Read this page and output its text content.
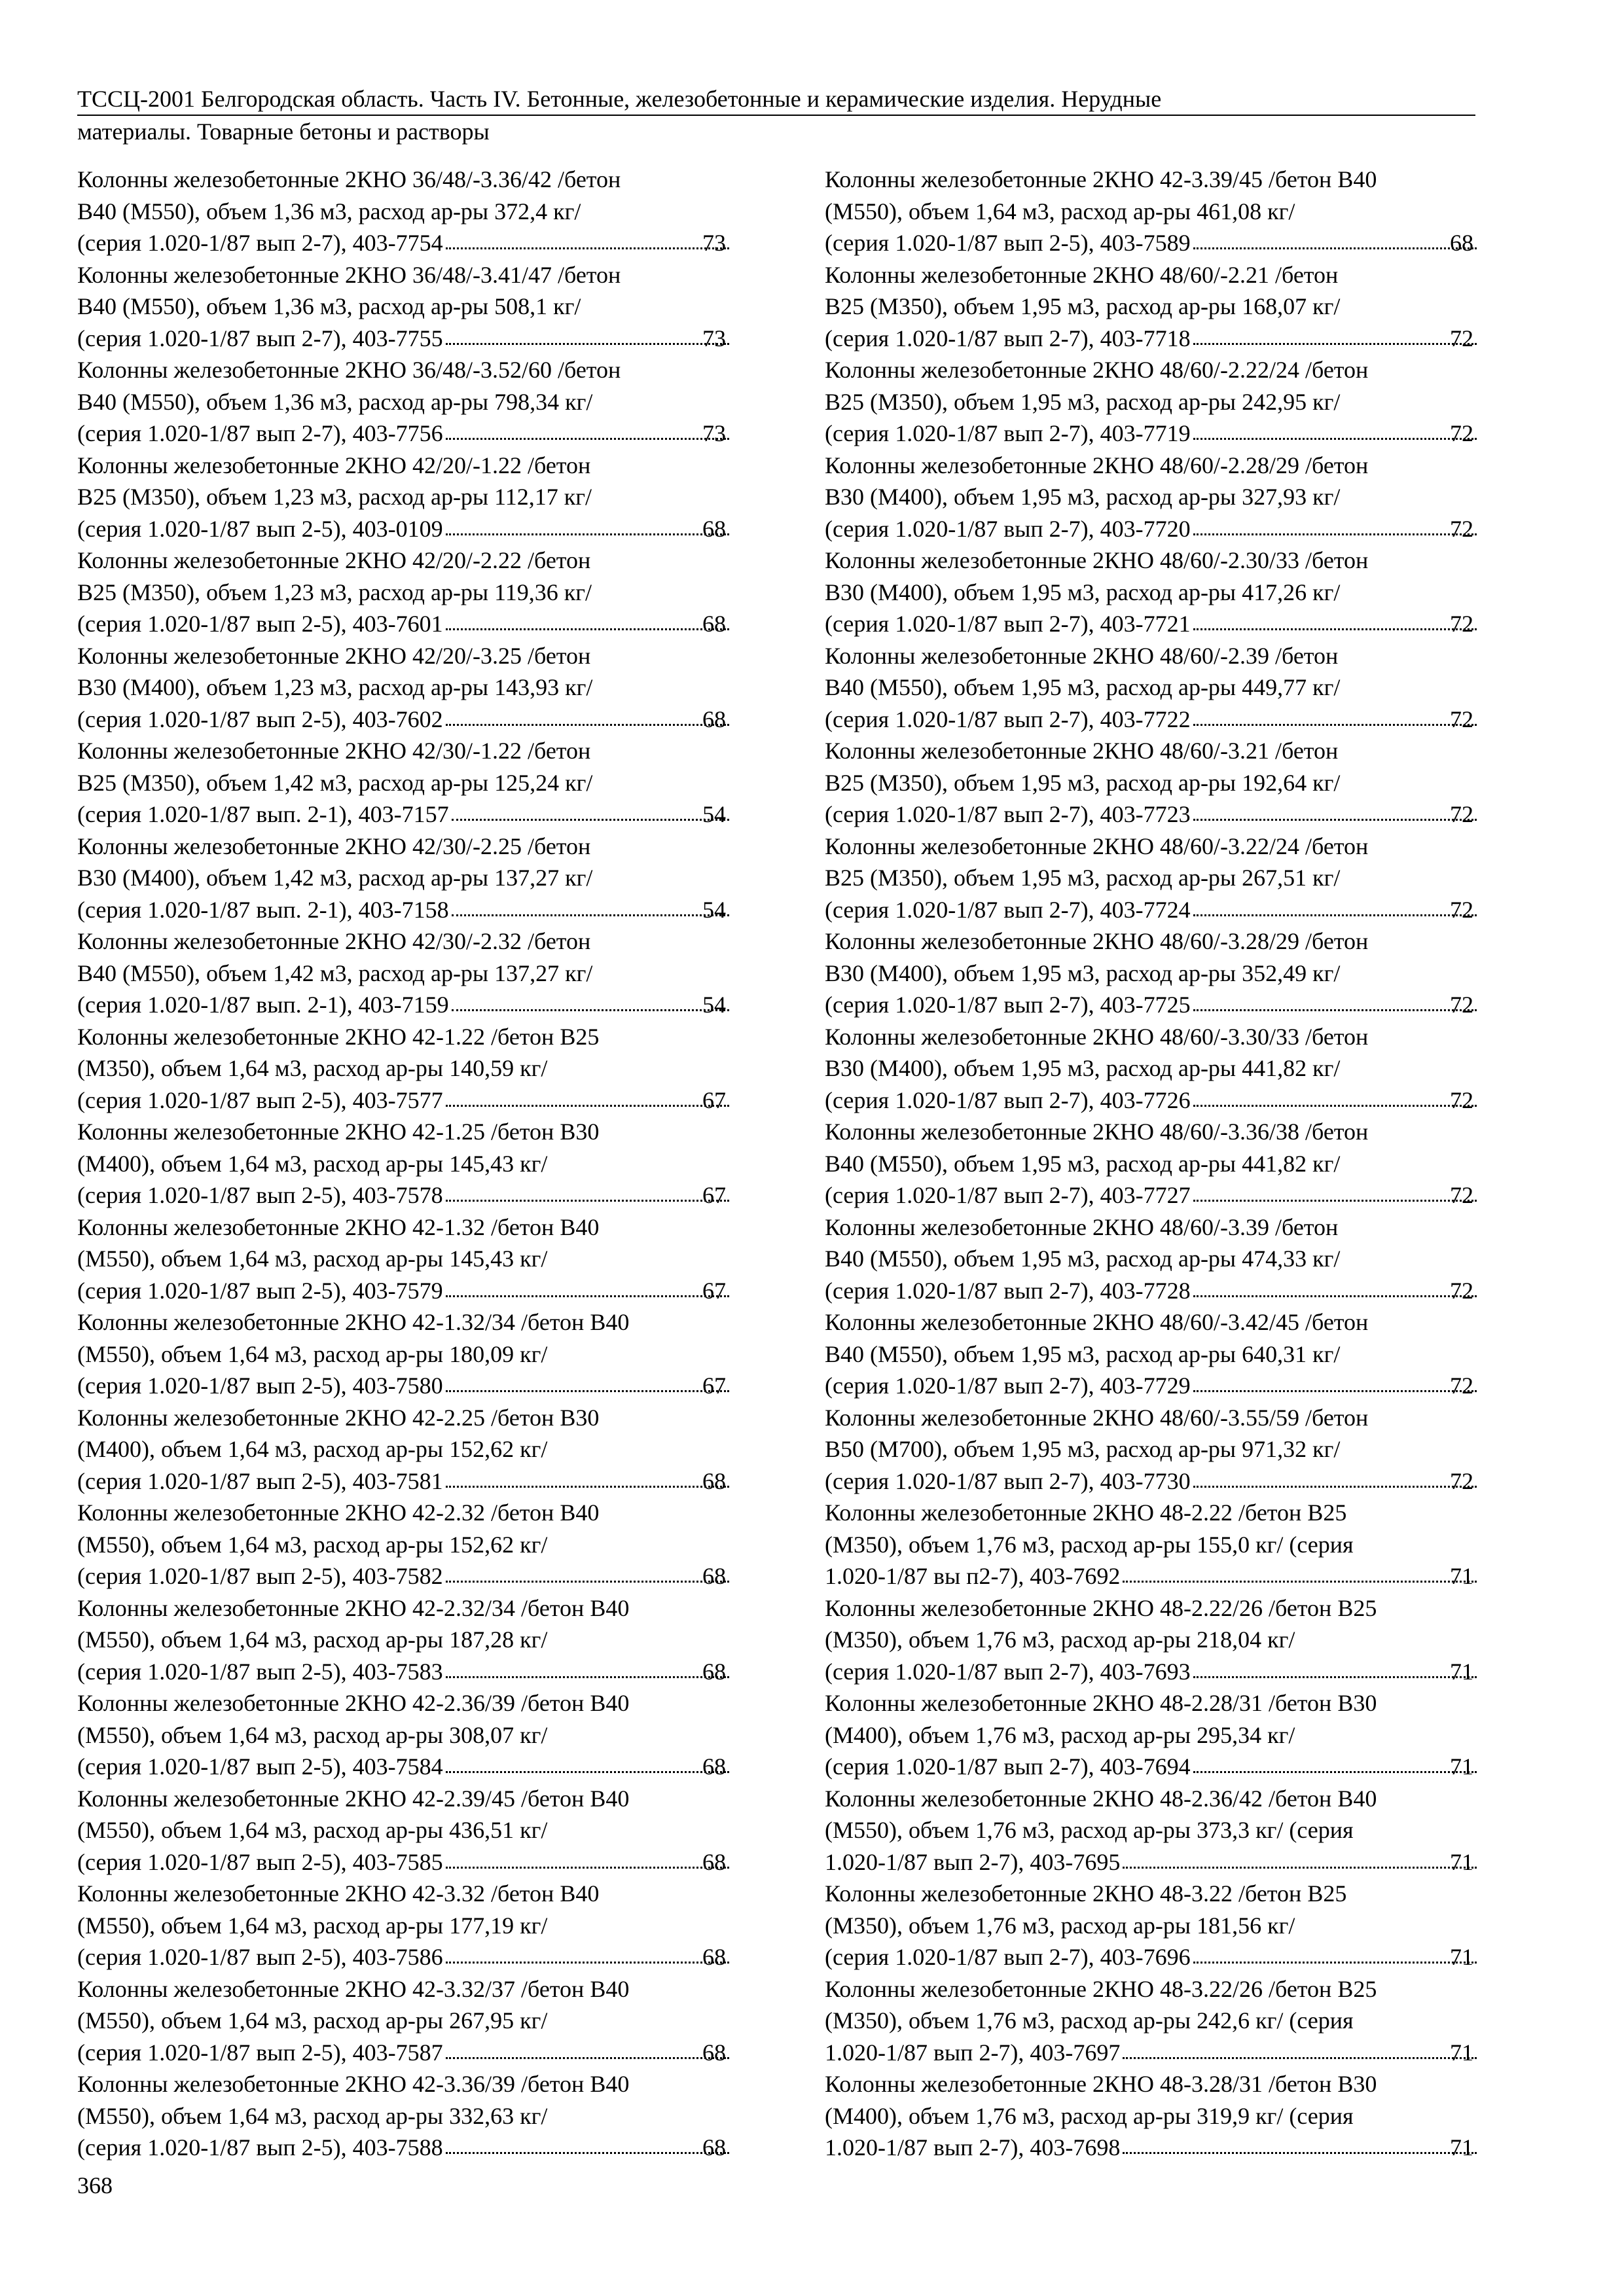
ТССЦ-2001 Белгородская область. Часть IV. Бетонные, железобетонные и керамические изделия. Нерудные
материалы. Товарные бетоны и растворы
Колонны железобетонные 2КНО 36/48/-3.36/42 /бетон
В40 (М550), объем 1,36 м3, расход ар-ры 372,4 кг/
(серия 1.020-1/87 вып 2-7), 403-7754	73
Колонны железобетонные 2КНО 36/48/-3.41/47 /бетон
В40 (М550), объем 1,36 м3, расход ар-ры 508,1 кг/
(серия 1.020-1/87 вып 2-7), 403-7755	73
Колонны железобетонные 2КНО 36/48/-3.52/60 /бетон
В40 (М550), объем 1,36 м3, расход ар-ры 798,34 кг/
(серия 1.020-1/87 вып 2-7), 403-7756	73
Колонны железобетонные 2КНО 42/20/-1.22 /бетон
В25 (М350), объем 1,23 м3, расход ар-ры 112,17 кг/
(серия 1.020-1/87 вып 2-5), 403-0109	68
Колонны железобетонные 2КНО 42/20/-2.22 /бетон
В25 (М350), объем 1,23 м3, расход ар-ры 119,36 кг/
(серия 1.020-1/87 вып 2-5), 403-7601	68
Колонны железобетонные 2КНО 42/20/-3.25 /бетон
В30 (М400), объем 1,23 м3, расход ар-ры 143,93 кг/
(серия 1.020-1/87 вып 2-5), 403-7602	68
Колонны железобетонные 2КНО 42/30/-1.22 /бетон
В25 (М350), объем 1,42 м3, расход ар-ры 125,24 кг/
(серия 1.020-1/87 вып. 2-1), 403-7157	54
Колонны железобетонные 2КНО 42/30/-2.25 /бетон
В30 (М400), объем 1,42 м3, расход ар-ры 137,27 кг/
(серия 1.020-1/87 вып. 2-1), 403-7158	54
Колонны железобетонные 2КНО 42/30/-2.32 /бетон
В40 (М550), объем 1,42 м3, расход ар-ры 137,27 кг/
(серия 1.020-1/87 вып. 2-1), 403-7159	54
Колонны железобетонные 2КНО 42-1.22 /бетон В25
(М350), объем 1,64 м3, расход ар-ры 140,59 кг/
(серия 1.020-1/87 вып 2-5), 403-7577	67
Колонны железобетонные 2КНО 42-1.25 /бетон В30
(М400), объем 1,64 м3, расход ар-ры 145,43 кг/
(серия 1.020-1/87 вып 2-5), 403-7578	67
Колонны железобетонные 2КНО 42-1.32 /бетон В40
(М550), объем 1,64 м3, расход ар-ры 145,43 кг/
(серия 1.020-1/87 вып 2-5), 403-7579	67
Колонны железобетонные 2КНО 42-1.32/34 /бетон В40
(М550), объем 1,64 м3, расход ар-ры 180,09 кг/
(серия 1.020-1/87 вып 2-5), 403-7580	67
Колонны железобетонные 2КНО 42-2.25 /бетон В30
(М400), объем 1,64 м3, расход ар-ры 152,62 кг/
(серия 1.020-1/87 вып 2-5), 403-7581	68
Колонны железобетонные 2КНО 42-2.32 /бетон В40
(М550), объем 1,64 м3, расход ар-ры 152,62 кг/
(серия 1.020-1/87 вып 2-5), 403-7582	68
Колонны железобетонные 2КНО 42-2.32/34 /бетон В40
(М550), объем 1,64 м3, расход ар-ры 187,28 кг/
(серия 1.020-1/87 вып 2-5), 403-7583	68
Колонны железобетонные 2КНО 42-2.36/39 /бетон В40
(М550), объем 1,64 м3, расход ар-ры 308,07 кг/
(серия 1.020-1/87 вып 2-5), 403-7584	68
Колонны железобетонные 2КНО 42-2.39/45 /бетон В40
(М550), объем 1,64 м3, расход ар-ры 436,51 кг/
(серия 1.020-1/87 вып 2-5), 403-7585	68
Колонны железобетонные 2КНО 42-3.32 /бетон В40
(М550), объем 1,64 м3, расход ар-ры 177,19 кг/
(серия 1.020-1/87 вып 2-5), 403-7586	68
Колонны железобетонные 2КНО 42-3.32/37 /бетон В40
(М550), объем 1,64 м3, расход ар-ры 267,95 кг/
(серия 1.020-1/87 вып 2-5), 403-7587	68
Колонны железобетонные 2КНО 42-3.36/39 /бетон В40
(М550), объем 1,64 м3, расход ар-ры 332,63 кг/
(серия 1.020-1/87 вып 2-5), 403-7588	68
Колонны железобетонные 2КНО 42-3.39/45 /бетон В40
(М550), объем 1,64 м3, расход ар-ры 461,08 кг/
(серия 1.020-1/87 вып 2-5), 403-7589	68
Колонны железобетонные 2КНО 48/60/-2.21 /бетон
В25 (М350), объем 1,95 м3, расход ар-ры 168,07 кг/
(серия 1.020-1/87 вып 2-7), 403-7718	72
Колонны железобетонные 2КНО 48/60/-2.22/24 /бетон
В25 (М350), объем 1,95 м3, расход ар-ры 242,95 кг/
(серия 1.020-1/87 вып 2-7), 403-7719	72
Колонны железобетонные 2КНО 48/60/-2.28/29 /бетон
В30 (М400), объем 1,95 м3, расход ар-ры 327,93 кг/
(серия 1.020-1/87 вып 2-7), 403-7720	72
Колонны железобетонные 2КНО 48/60/-2.30/33 /бетон
В30 (М400), объем 1,95 м3, расход ар-ры 417,26 кг/
(серия 1.020-1/87 вып 2-7), 403-7721	72
Колонны железобетонные 2КНО 48/60/-2.39 /бетон
В40 (М550), объем 1,95 м3, расход ар-ры 449,77 кг/
(серия 1.020-1/87 вып 2-7), 403-7722	72
Колонны железобетонные 2КНО 48/60/-3.21 /бетон
В25 (М350), объем 1,95 м3, расход ар-ры 192,64 кг/
(серия 1.020-1/87 вып 2-7), 403-7723	72
Колонны железобетонные 2КНО 48/60/-3.22/24 /бетон
В25 (М350), объем 1,95 м3, расход ар-ры 267,51 кг/
(серия 1.020-1/87 вып 2-7), 403-7724	72
Колонны железобетонные 2КНО 48/60/-3.28/29 /бетон
В30 (М400), объем 1,95 м3, расход ар-ры 352,49 кг/
(серия 1.020-1/87 вып 2-7), 403-7725	72
Колонны железобетонные 2КНО 48/60/-3.30/33 /бетон
В30 (М400), объем 1,95 м3, расход ар-ры 441,82 кг/
(серия 1.020-1/87 вып 2-7), 403-7726	72
Колонны железобетонные 2КНО 48/60/-3.36/38 /бетон
В40 (М550), объем 1,95 м3, расход ар-ры 441,82 кг/
(серия 1.020-1/87 вып 2-7), 403-7727	72
Колонны железобетонные 2КНО 48/60/-3.39 /бетон
В40 (М550), объем 1,95 м3, расход ар-ры 474,33 кг/
(серия 1.020-1/87 вып 2-7), 403-7728	72
Колонны железобетонные 2КНО 48/60/-3.42/45 /бетон
В40 (М550), объем 1,95 м3, расход ар-ры 640,31 кг/
(серия 1.020-1/87 вып 2-7), 403-7729	72
Колонны железобетонные 2КНО 48/60/-3.55/59 /бетон
В50 (М700), объем 1,95 м3, расход ар-ры 971,32 кг/
(серия 1.020-1/87 вып 2-7), 403-7730	72
Колонны железобетонные 2КНО 48-2.22 /бетон В25
(М350), объем 1,76 м3, расход ар-ры 155,0 кг/ (серия
1.020-1/87 вы п2-7), 403-7692	71
Колонны железобетонные 2КНО 48-2.22/26 /бетон В25
(М350), объем 1,76 м3, расход ар-ры 218,04 кг/
(серия 1.020-1/87 вып 2-7), 403-7693	71
Колонны железобетонные 2КНО 48-2.28/31 /бетон В30
(М400), объем 1,76 м3, расход ар-ры 295,34 кг/
(серия 1.020-1/87 вып 2-7), 403-7694	71
Колонны железобетонные 2КНО 48-2.36/42 /бетон В40
(М550), объем 1,76 м3, расход ар-ры 373,3 кг/ (серия
1.020-1/87 вып 2-7), 403-7695	71
Колонны железобетонные 2КНО 48-3.22 /бетон В25
(М350), объем 1,76 м3, расход ар-ры 181,56 кг/
(серия 1.020-1/87 вып 2-7), 403-7696	71
Колонны железобетонные 2КНО 48-3.22/26 /бетон В25
(М350), объем 1,76 м3, расход ар-ры 242,6 кг/ (серия
1.020-1/87 вып 2-7), 403-7697	71
Колонны железобетонные 2КНО 48-3.28/31 /бетон В30
(М400), объем 1,76 м3, расход ар-ры 319,9 кг/ (серия
1.020-1/87 вып 2-7), 403-7698	71
368
